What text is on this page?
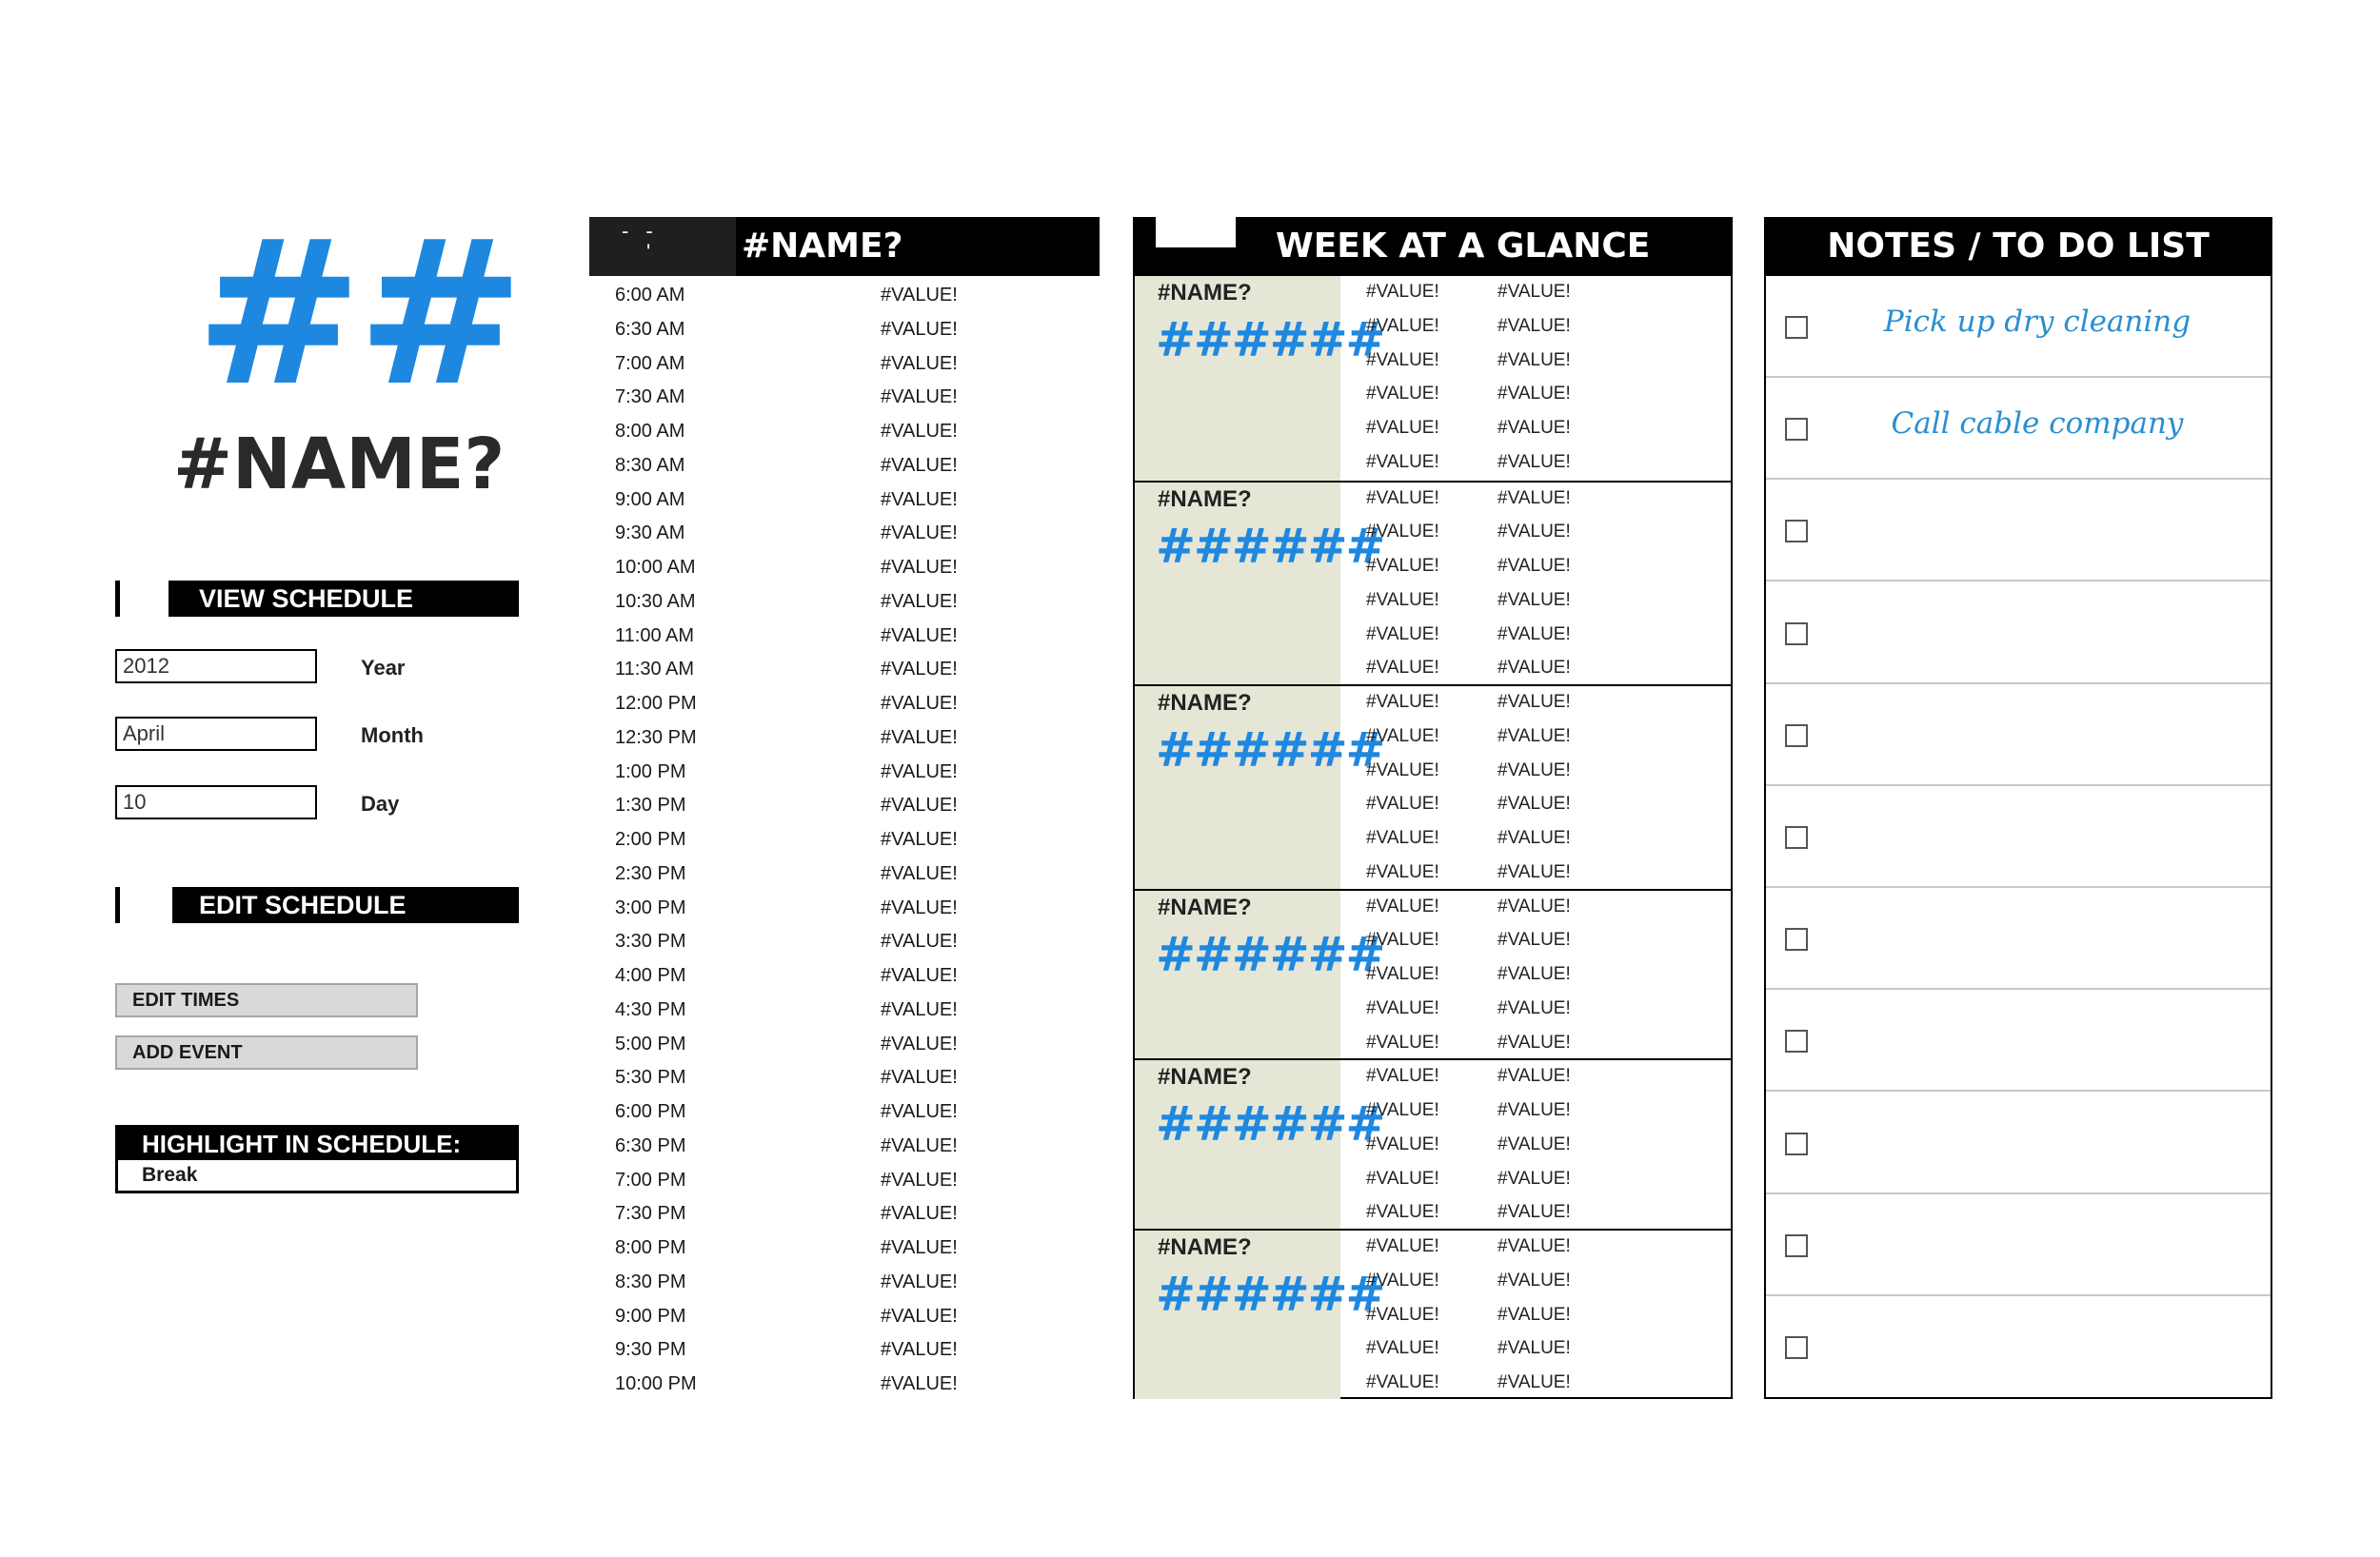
##
#NAME?
VIEW SCHEDULE
2012	Year
April	Month
10	Day
EDIT SCHEDULE
EDIT TIMES
ADD EVENT
HIGHLIGHT IN SCHEDULE:
Break
--
'	#NAME?
6:00 AM	#VALUE!
6:30 AM	#VALUE!
7:00 AM	#VALUE!
7:30 AM	#VALUE!
8:00 AM	#VALUE!
8:30 AM	#VALUE!
9:00 AM	#VALUE!
9:30 AM	#VALUE!
10:00 AM	#VALUE!
10:30 AM	#VALUE!
11:00 AM	#VALUE!
11:30 AM	#VALUE!
12:00 PM	#VALUE!
12:30 PM	#VALUE!
1:00 PM	#VALUE!
1:30 PM	#VALUE!
2:00 PM	#VALUE!
2:30 PM	#VALUE!
3:00 PM	#VALUE!
3:30 PM	#VALUE!
4:00 PM	#VALUE!
4:30 PM	#VALUE!
5:00 PM	#VALUE!
5:30 PM	#VALUE!
6:00 PM	#VALUE!
6:30 PM	#VALUE!
7:00 PM	#VALUE!
7:30 PM	#VALUE!
8:00 PM	#VALUE!
8:30 PM	#VALUE!
9:00 PM	#VALUE!
9:30 PM	#VALUE!
10:00 PM	#VALUE!
WEEK AT A GLANCE
#NAME?
######
#VALUE!	#VALUE!
#VALUE!	#VALUE!
#VALUE!	#VALUE!
#VALUE!	#VALUE!
#VALUE!	#VALUE!
#VALUE!	#VALUE!
#NAME?
######
#VALUE!	#VALUE!
#VALUE!	#VALUE!
#VALUE!	#VALUE!
#VALUE!	#VALUE!
#VALUE!	#VALUE!
#VALUE!	#VALUE!
#NAME?
######
#VALUE!	#VALUE!
#VALUE!	#VALUE!
#VALUE!	#VALUE!
#VALUE!	#VALUE!
#VALUE!	#VALUE!
#VALUE!	#VALUE!
#NAME?
######
#VALUE!	#VALUE!
#VALUE!	#VALUE!
#VALUE!	#VALUE!
#VALUE!	#VALUE!
#VALUE!	#VALUE!
#NAME?
######
#VALUE!	#VALUE!
#VALUE!	#VALUE!
#VALUE!	#VALUE!
#VALUE!	#VALUE!
#VALUE!	#VALUE!
#NAME?
######
#VALUE!	#VALUE!
#VALUE!	#VALUE!
#VALUE!	#VALUE!
#VALUE!	#VALUE!
#VALUE!	#VALUE!
NOTES / TO DO LIST
Pick up dry cleaning
Call cable company
